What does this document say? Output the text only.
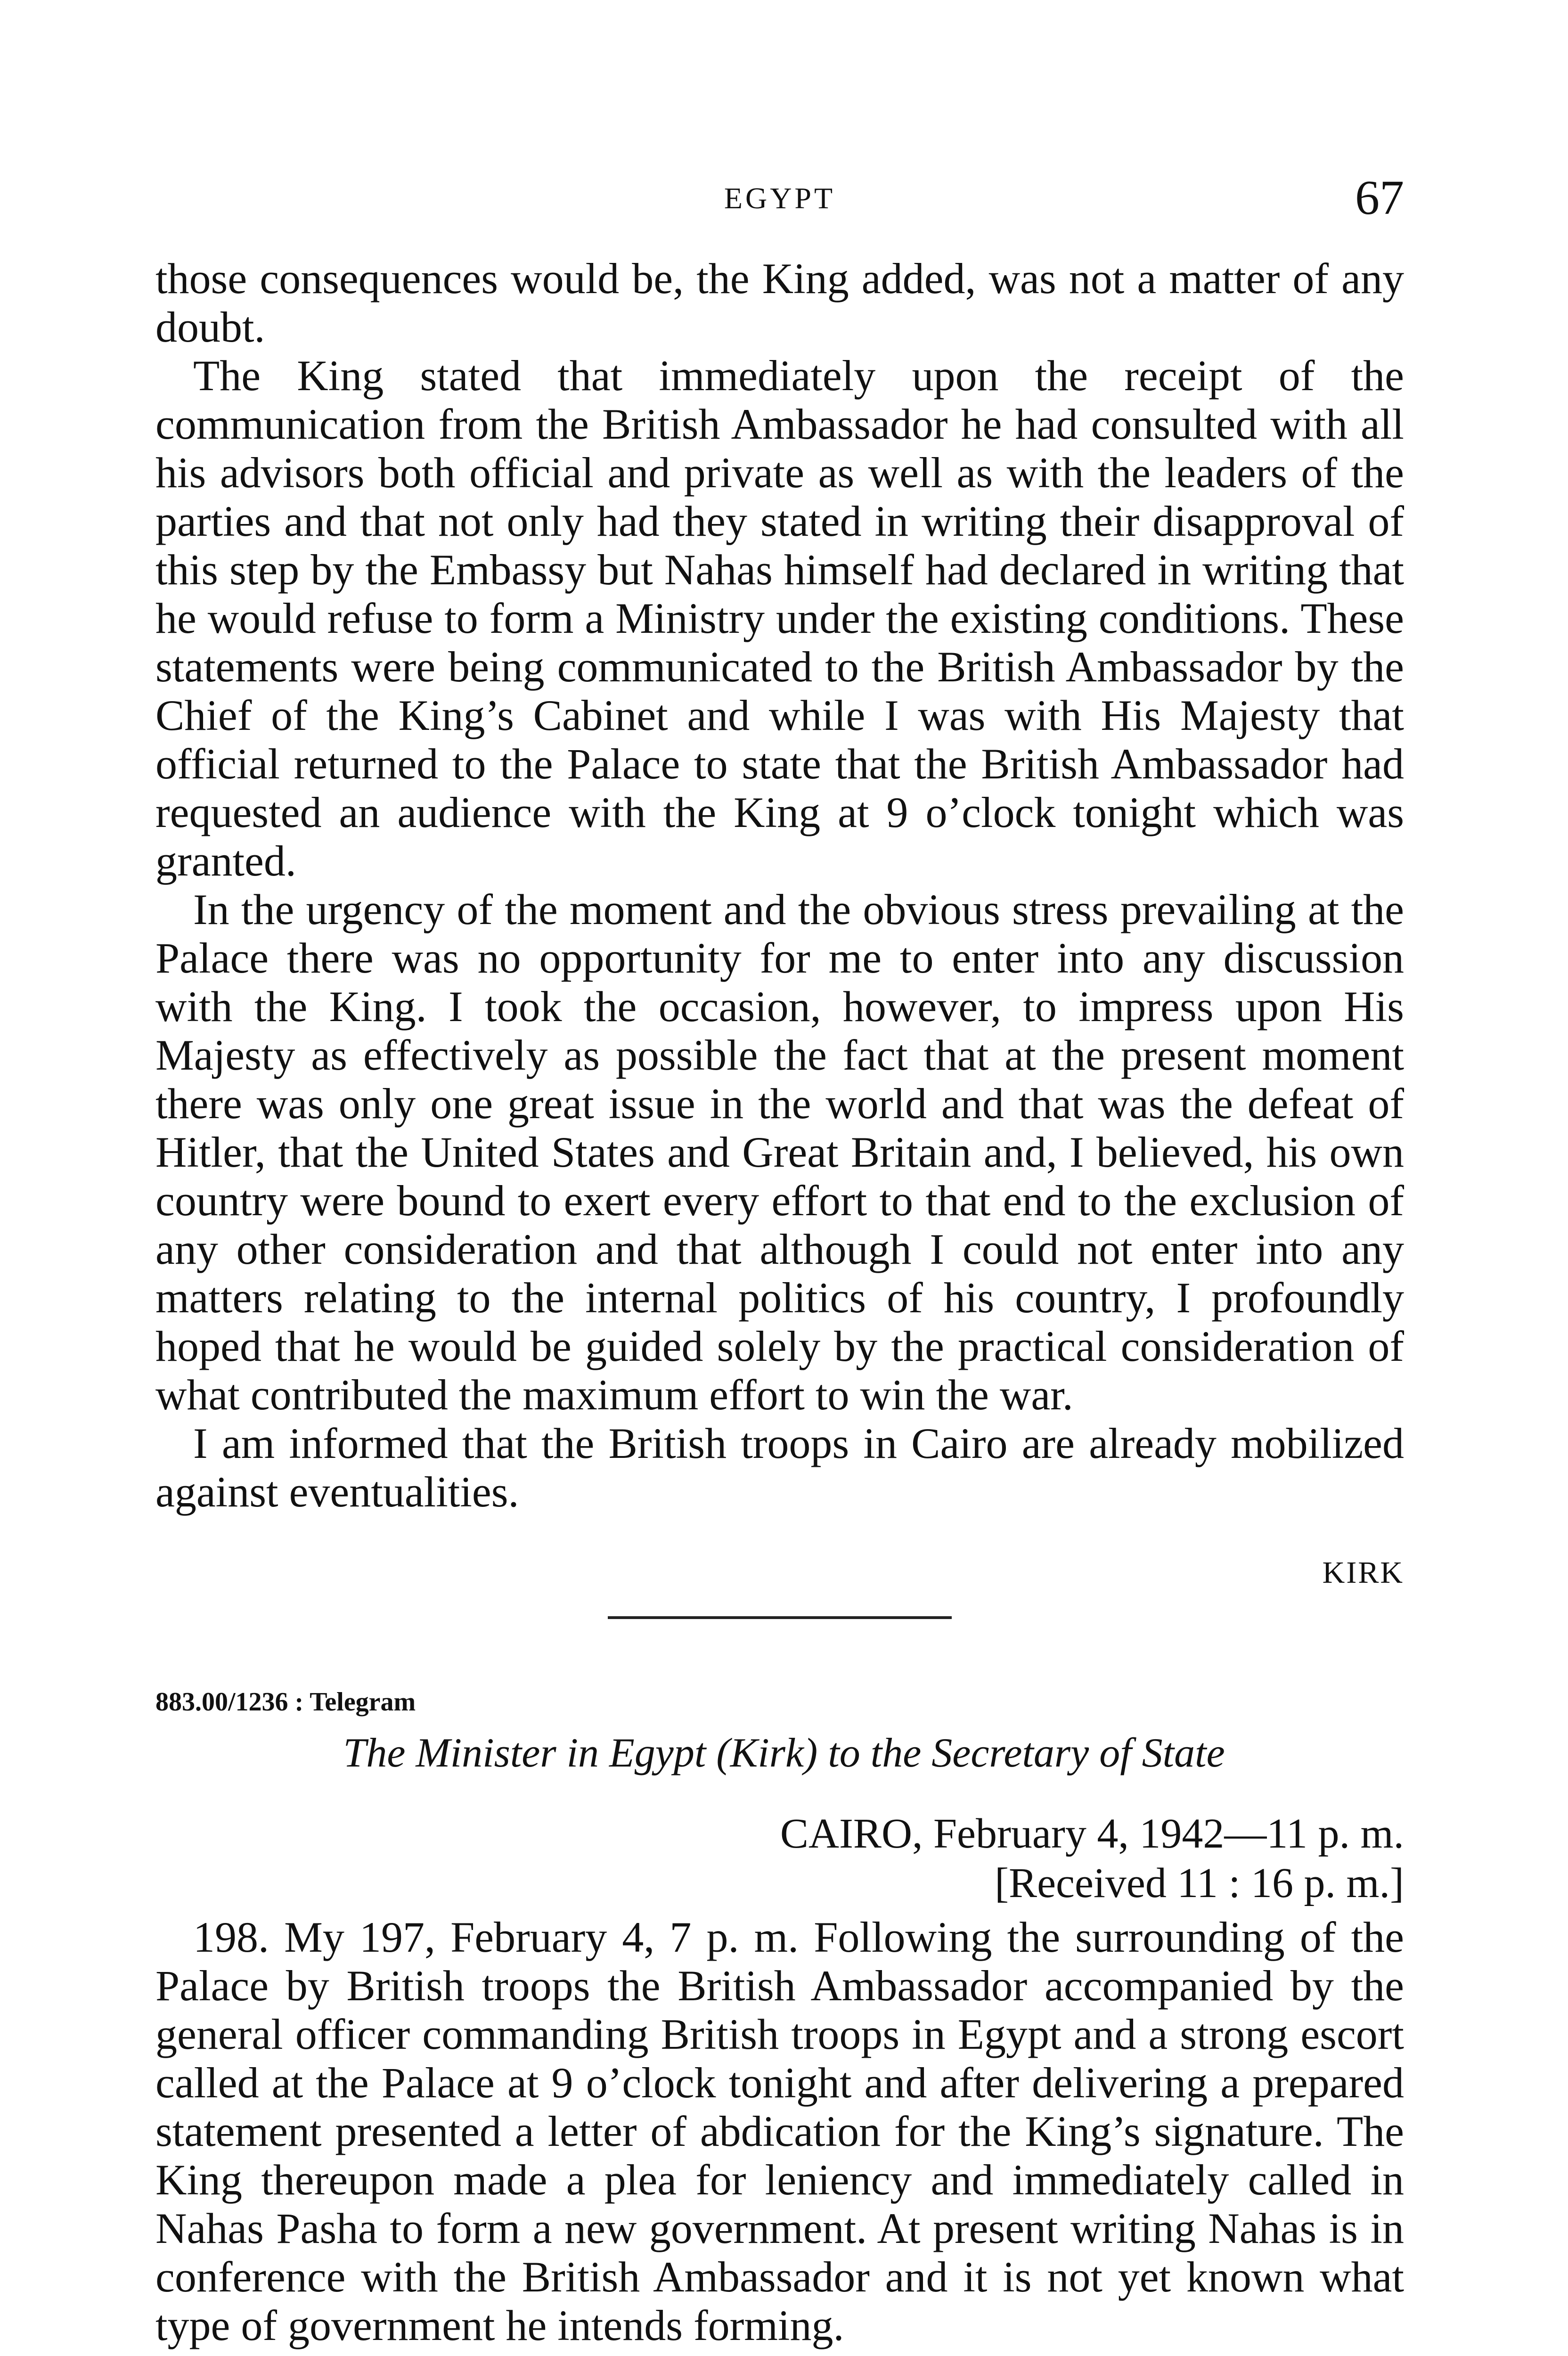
EGYPT	67

those consequences would be, the King added, was not a matter of any doubt.

The King stated that immediately upon the receipt of the communication from the British Ambassador he had consulted with all his advisors both official and private as well as with the leaders of the parties and that not only had they stated in writing their disapproval of this step by the Embassy but Nahas himself had declared in writing that he would refuse to form a Ministry under the existing conditions. These statements were being communicated to the British Ambassador by the Chief of the King’s Cabinet and while I was with His Majesty that official returned to the Palace to state that the British Ambassador had requested an audience with the King at 9 o’clock tonight which was granted.

In the urgency of the moment and the obvious stress prevailing at the Palace there was no opportunity for me to enter into any discussion with the King. I took the occasion, however, to impress upon His Majesty as effectively as possible the fact that at the present moment there was only one great issue in the world and that was the defeat of Hitler, that the United States and Great Britain and, I believed, his own country were bound to exert every effort to that end to the exclusion of any other consideration and that although I could not enter into any matters relating to the internal politics of his country, I profoundly hoped that he would be guided solely by the practical consideration of what contributed the maximum effort to win the war.

I am informed that the British troops in Cairo are already mobilized against eventualities.

KIRK
883.00/1236 : Telegram
The Minister in Egypt (Kirk) to the Secretary of State
CAIRO, February 4, 1942—11 p. m.
[Received 11 : 16 p. m.]

198. My 197, February 4, 7 p. m. Following the surrounding of the Palace by British troops the British Ambassador accompanied by the general officer commanding British troops in Egypt and a strong escort called at the Palace at 9 o’clock tonight and after delivering a prepared statement presented a letter of abdication for the King’s signature. The King thereupon made a plea for leniency and immediately called in Nahas Pasha to form a new government. At present writing Nahas is in conference with the British Ambassador and it is not yet known what type of government he intends forming.
